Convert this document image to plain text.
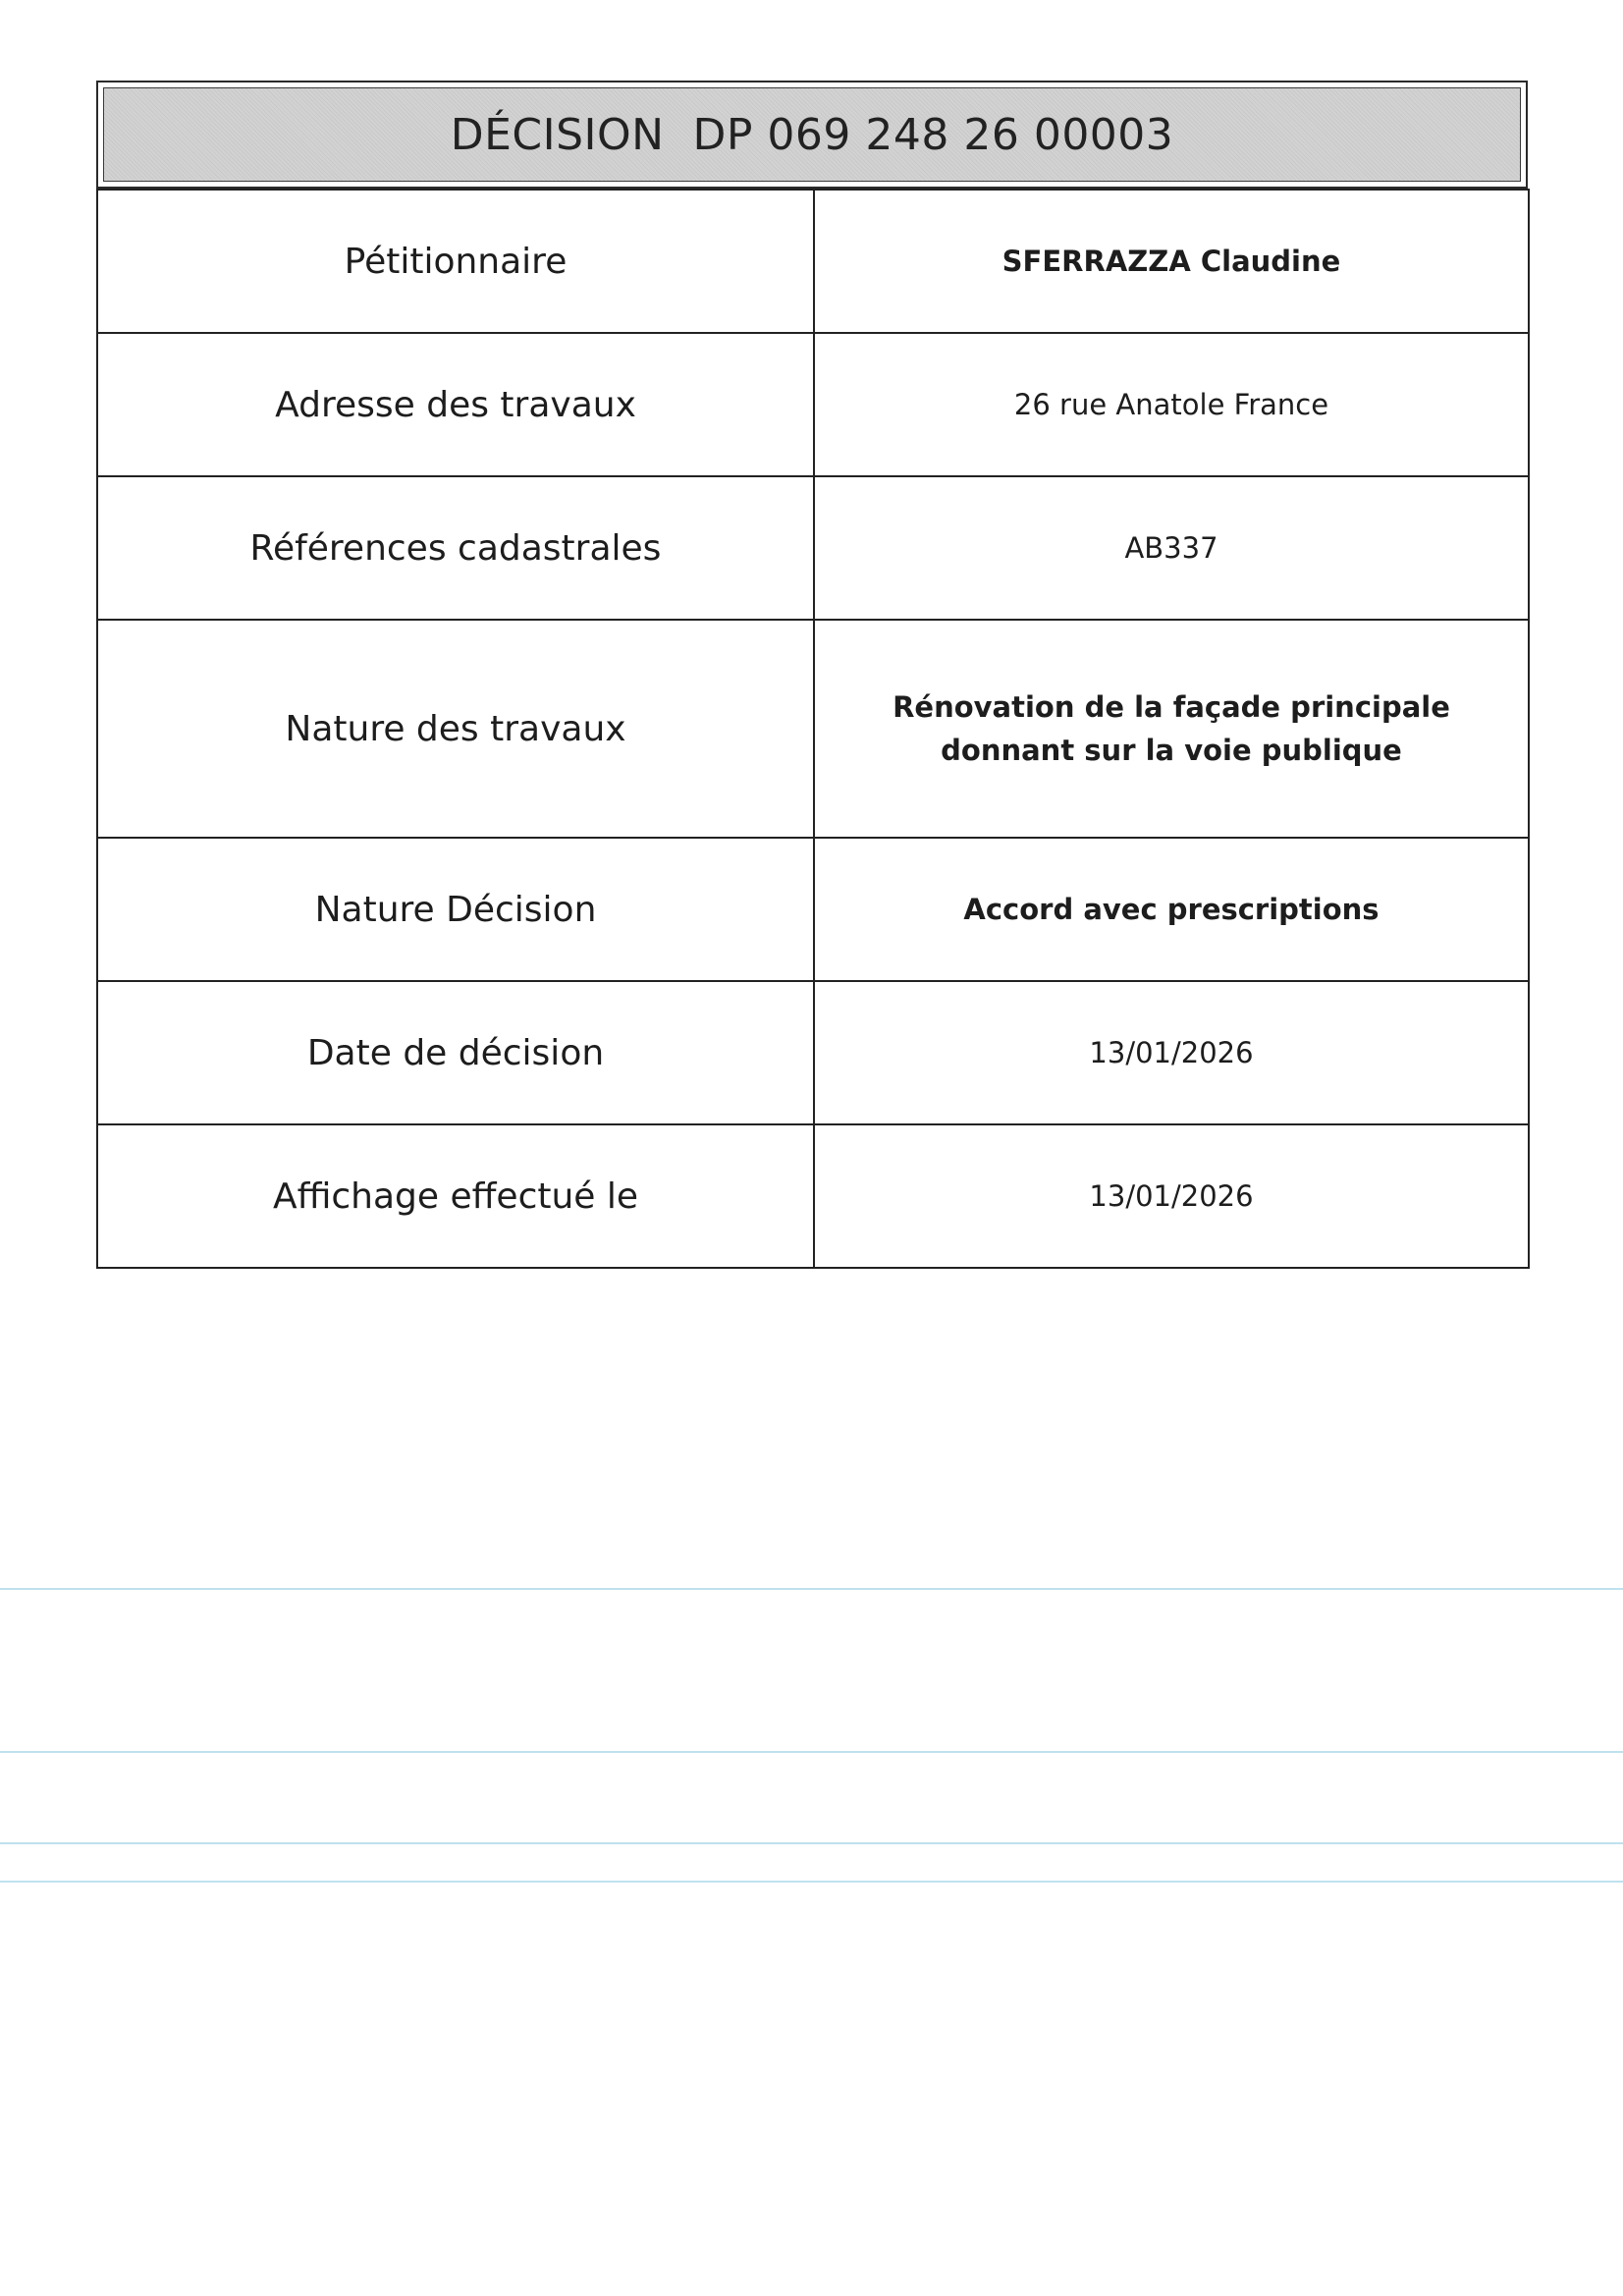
DÉCISION  DP 069 248 26 00003
Pétitionnaire	SFERRAZZA Claudine
Adresse des travaux	26 rue Anatole France
Références cadastrales	AB337
Nature des travaux	Rénovation de la façade principale donnant sur la voie publique
Nature Décision	Accord avec prescriptions
Date de décision	13/01/2026
Affichage effectué le	13/01/2026
